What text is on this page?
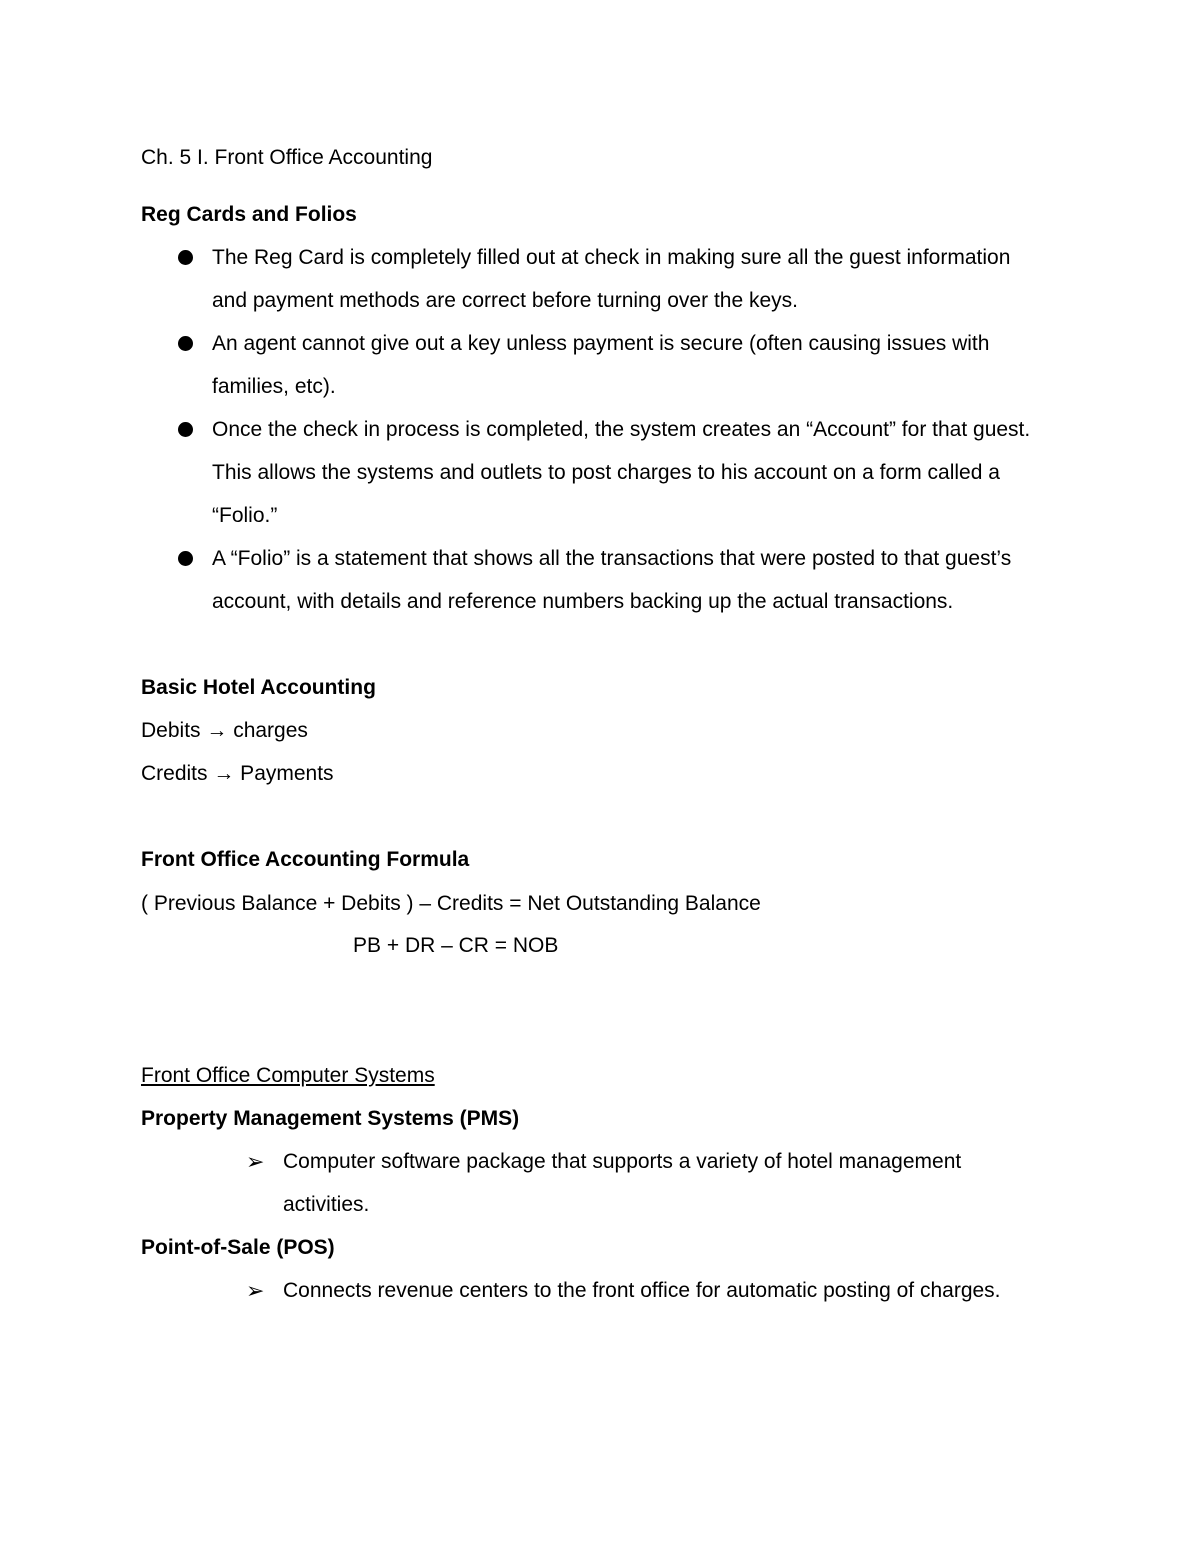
Ch. 5 I. Front Office Accounting
Reg Cards and Folios
The Reg Card is completely filled out at check in making sure all the guest information
and payment methods are correct before turning over the keys.
An agent cannot give out a key unless payment is secure (often causing issues with
families, etc).
Once the check in process is completed, the system creates an “Account” for that guest.
This allows the systems and outlets to post charges to his account on a form called a
“Folio.”
A “Folio” is a statement that shows all the transactions that were posted to that guest’s
account, with details and reference numbers backing up the actual transactions.
Basic Hotel Accounting
Debits → charges
Credits → Payments
Front Office Accounting Formula
( Previous Balance + Debits ) – Credits = Net Outstanding Balance
PB + DR – CR = NOB
Front Office Computer Systems
Property Management Systems (PMS)
➢ Computer software package that supports a variety of hotel management
activities.
Point-of-Sale (POS)
➢ Connects revenue centers to the front office for automatic posting of charges.
